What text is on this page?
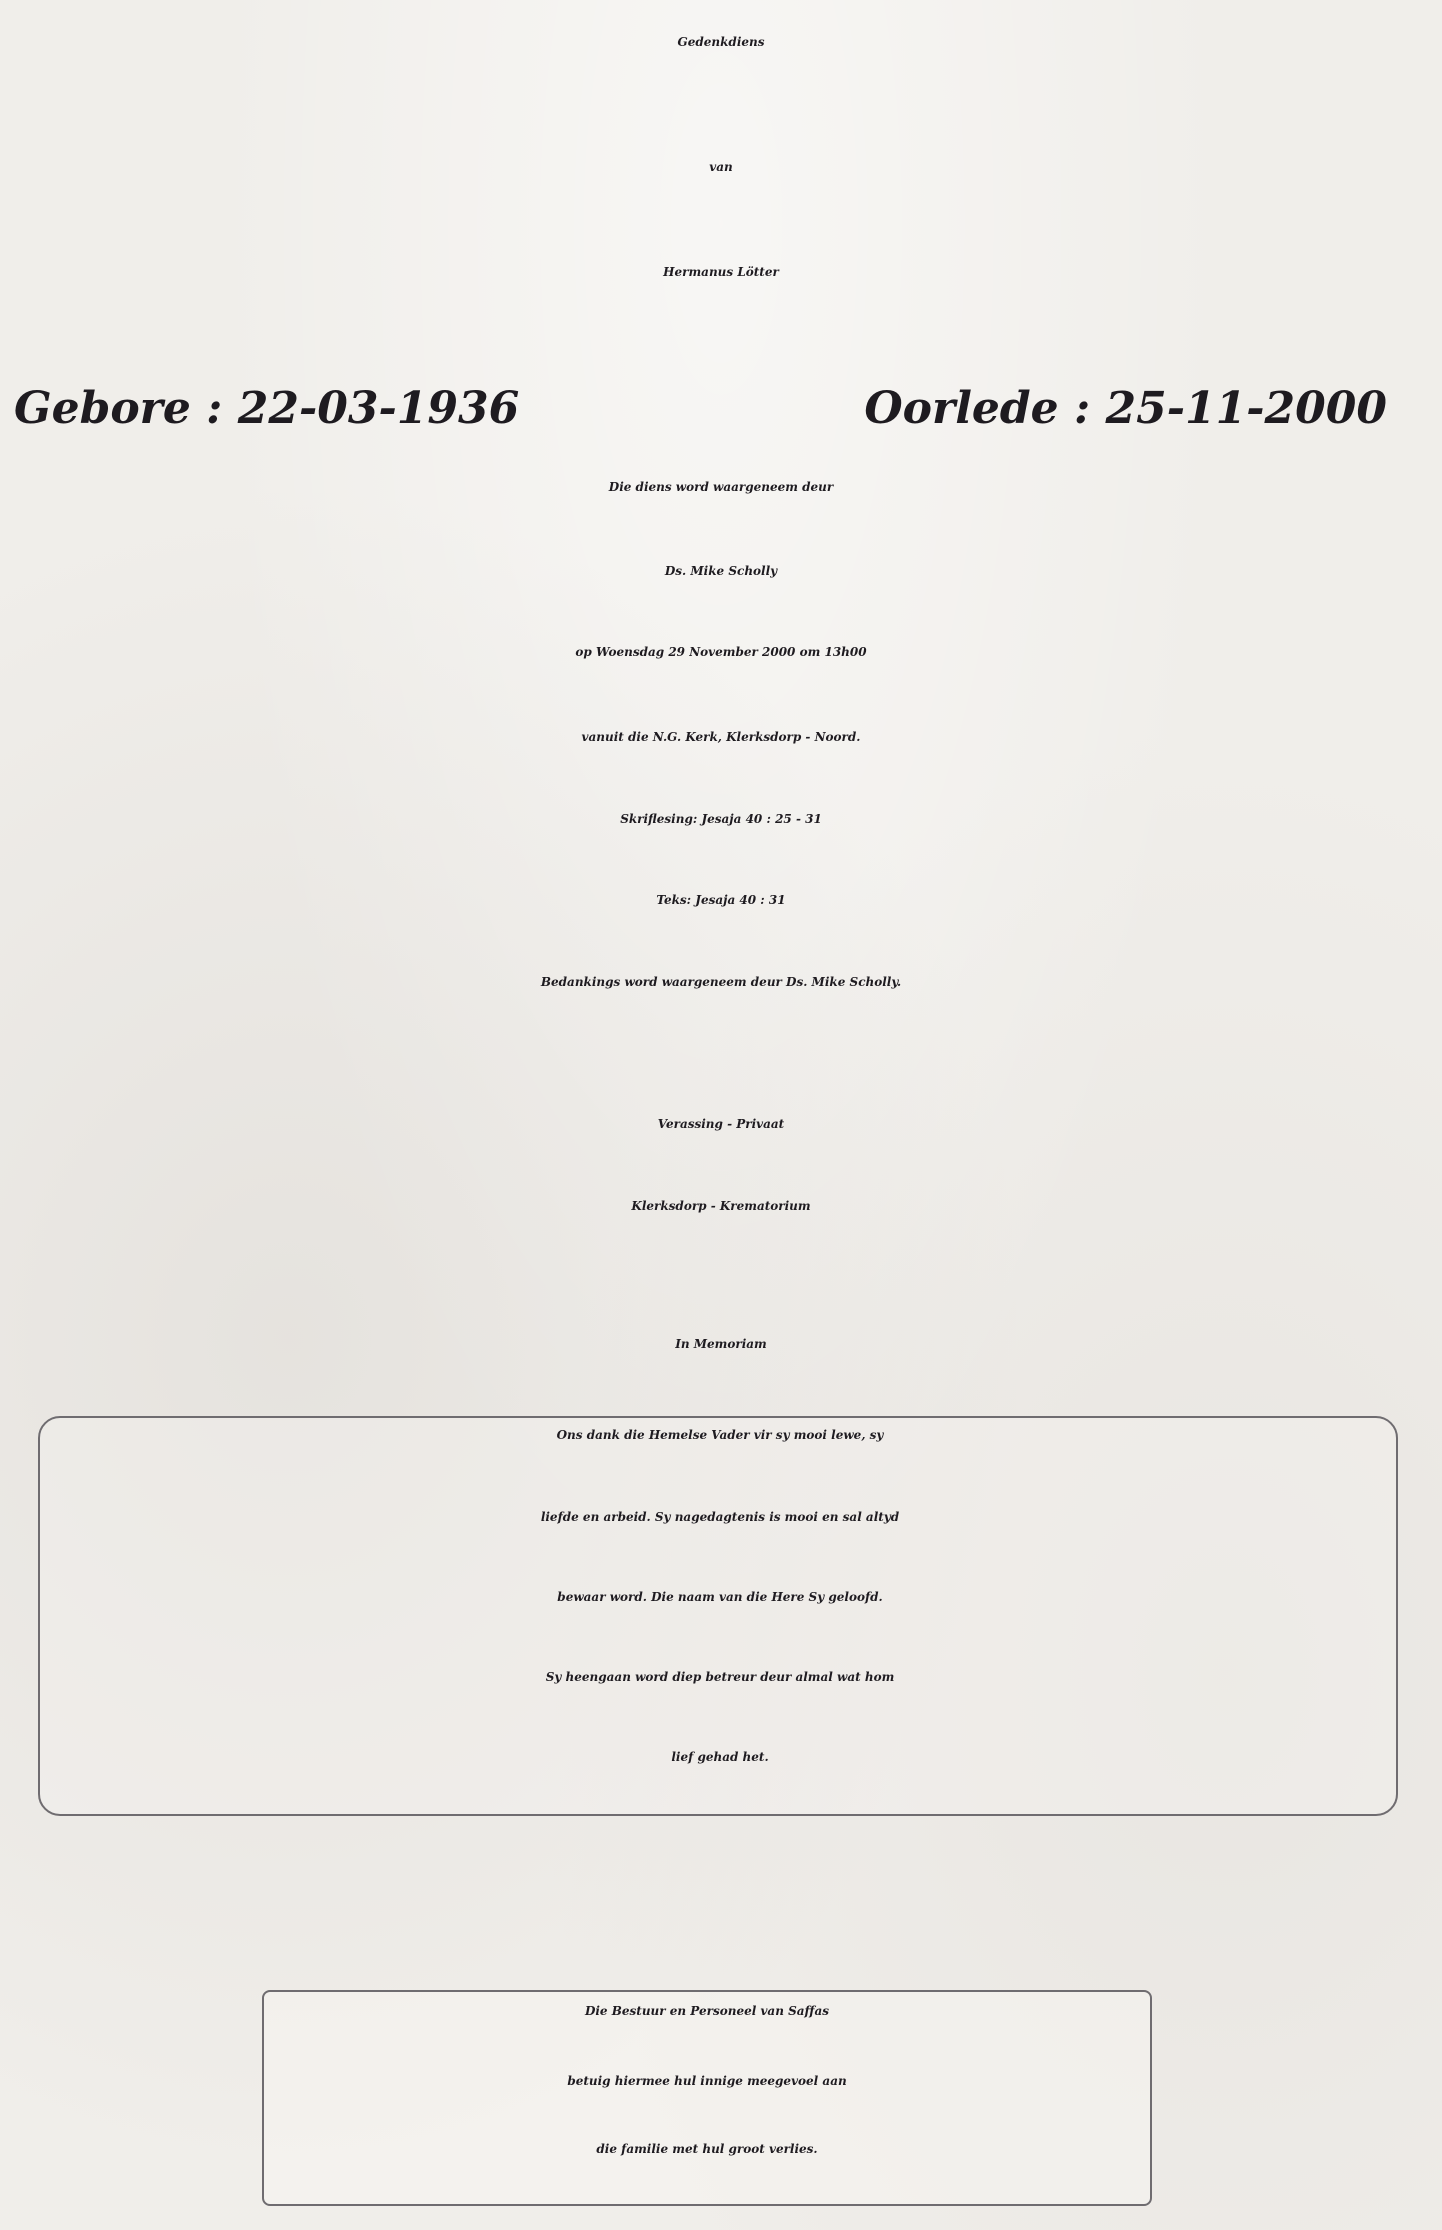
Gedenkdiens
van
Hermanus Lötter
Gebore : 22-03-1936	Oorlede : 25-11-2000
Die diens word waargeneem deur
Ds. Mike Scholly
op Woensdag 29 November 2000 om 13h00
vanuit die N.G. Kerk, Klerksdorp - Noord.
Skriflesing: Jesaja 40 : 25 - 31
Teks: Jesaja 40 : 31
Bedankings word waargeneem deur Ds. Mike Scholly.
Verassing - Privaat
Klerksdorp - Krematorium
In Memoriam
Ons dank die Hemelse Vader vir sy mooi lewe, sy
liefde en arbeid. Sy nagedagtenis is mooi en sal altyd
bewaar word. Die naam van die Here Sy geloofd.
Sy heengaan word diep betreur deur almal wat hom
lief gehad het.
Die Bestuur en Personeel van Saffas
betuig hiermee hul innige meegevoel aan
die familie met hul groot verlies.
